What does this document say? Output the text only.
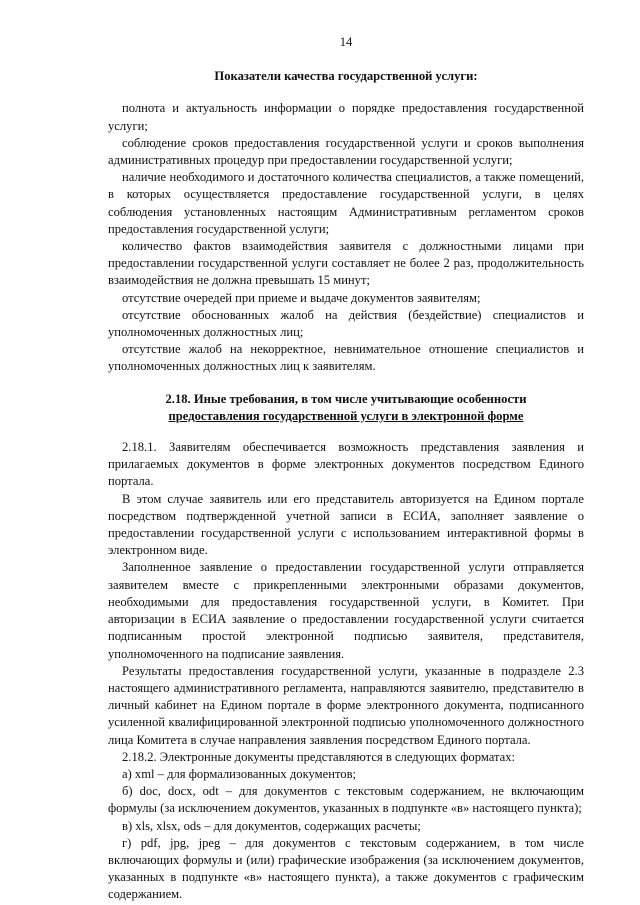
14
Показатели качества государственной услуги:

полнота и актуальность информации о порядке предоставления государственной услуги;

соблюдение сроков предоставления государственной услуги и сроков выполнения административных процедур при предоставлении государственной услуги;

наличие необходимого и достаточного количества специалистов, а также помещений, в которых осуществляется предоставление государственной услуги, в целях соблюдения установленных настоящим Административным регламентом сроков предоставления государственной услуги;

количество фактов взаимодействия заявителя с должностными лицами при предоставлении государственной услуги составляет не более 2 раз, продолжительность взаимодействия не должна превышать 15 минут;

отсутствие очередей при приеме и выдаче документов заявителям;

отсутствие обоснованных жалоб на действия (бездействие) специалистов и уполномоченных должностных лиц;

отсутствие жалоб на некорректное, невнимательное отношение специалистов и уполномоченных должностных лиц к заявителям.

2.18. Иные требования, в том числе учитывающие особенности
предоставления государственной услуги в электронной форме

2.18.1. Заявителям обеспечивается возможность представления заявления и прилагаемых документов в форме электронных документов посредством Единого портала.

В этом случае заявитель или его представитель авторизуется на Едином портале посредством подтвержденной учетной записи в ЕСИА, заполняет заявление о предоставлении государственной услуги с использованием интерактивной формы в электронном виде.

Заполненное заявление о предоставлении государственной услуги отправляется заявителем вместе с прикрепленными электронными образами документов, необходимыми для предоставления государственной услуги, в Комитет. При авторизации в ЕСИА заявление о предоставлении государственной услуги считается подписанным простой электронной подписью заявителя, представителя, уполномоченного на подписание заявления.

Результаты предоставления государственной услуги, указанные в подразделе 2.3 настоящего административного регламента, направляются заявителю, представителю в личный кабинет на Едином портале в форме электронного документа, подписанного усиленной квалифицированной электронной подписью уполномоченного должностного лица Комитета в случае направления заявления посредством Единого портала.

2.18.2. Электронные документы представляются в следующих форматах:

а) xml – для формализованных документов;

б) doc, docx, odt – для документов с текстовым содержанием, не включающим формулы (за исключением документов, указанных в подпункте «в» настоящего пункта);

в) xls, xlsx, ods – для документов, содержащих расчеты;

г) pdf, jpg, jpeg – для документов с текстовым содержанием, в том числе включающих формулы и (или) графические изображения (за исключением документов, указанных в подпункте «в» настоящего пункта), а также документов с графическим содержанием.
